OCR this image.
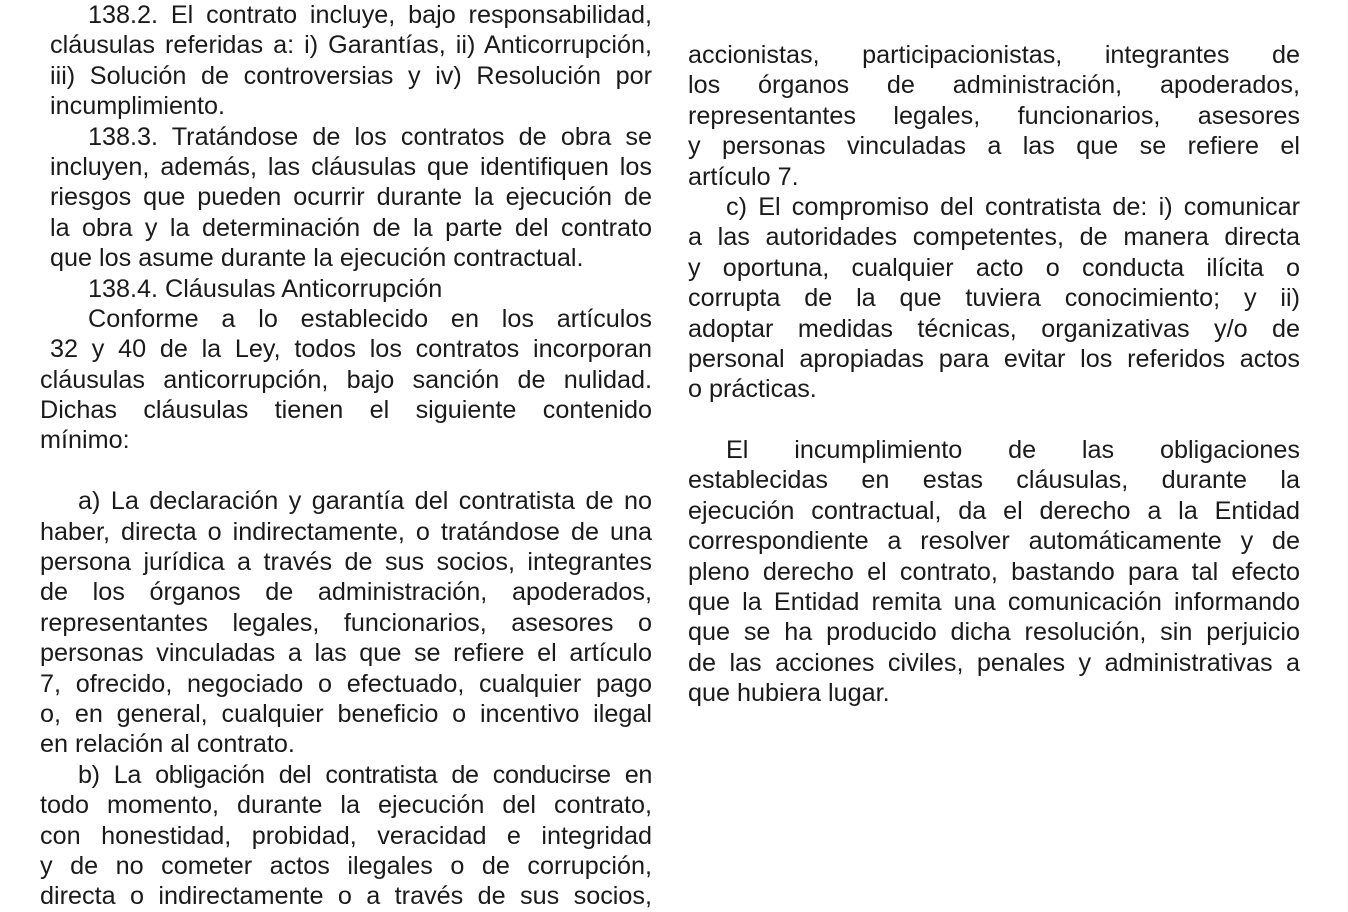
138.2. El contrato incluye, bajo responsabilidad,
cláusulas referidas a: i) Garantías, ii) Anticorrupción,
iii) Solución de controversias y iv) Resolución por
incumplimiento.
138.3. Tratándose de los contratos de obra se
incluyen, además, las cláusulas que identifiquen los
riesgos que pueden ocurrir durante la ejecución de
la obra y la determinación de la parte del contrato
que los asume durante la ejecución contractual.
138.4. Cláusulas Anticorrupción
Conforme a lo establecido en los artículos
32 y 40 de la Ley, todos los contratos incorporan
cláusulas anticorrupción, bajo sanción de nulidad.
Dichas cláusulas tienen el siguiente contenido
mínimo:
a) La declaración y garantía del contratista de no
haber, directa o indirectamente, o tratándose de una
persona jurídica a través de sus socios, integrantes
de los órganos de administración, apoderados,
representantes legales, funcionarios, asesores o
personas vinculadas a las que se refiere el artículo
7, ofrecido, negociado o efectuado, cualquier pago
o, en general, cualquier beneficio o incentivo ilegal
en relación al contrato.
b) La obligación del contratista de conducirse en
todo momento, durante la ejecución del contrato,
con honestidad, probidad, veracidad e integridad
y de no cometer actos ilegales o de corrupción,
directa o indirectamente o a través de sus socios,
accionistas, participacionistas, integrantes de
los órganos de administración, apoderados,
representantes legales, funcionarios, asesores
y personas vinculadas a las que se refiere el
artículo 7.
c) El compromiso del contratista de: i) comunicar
a las autoridades competentes, de manera directa
y oportuna, cualquier acto o conducta ilícita o
corrupta de la que tuviera conocimiento; y ii)
adoptar medidas técnicas, organizativas y/o de
personal apropiadas para evitar los referidos actos
o prácticas.
El incumplimiento de las obligaciones
establecidas en estas cláusulas, durante la
ejecución contractual, da el derecho a la Entidad
correspondiente a resolver automáticamente y de
pleno derecho el contrato, bastando para tal efecto
que la Entidad remita una comunicación informando
que se ha producido dicha resolución, sin perjuicio
de las acciones civiles, penales y administrativas a
que hubiera lugar.
